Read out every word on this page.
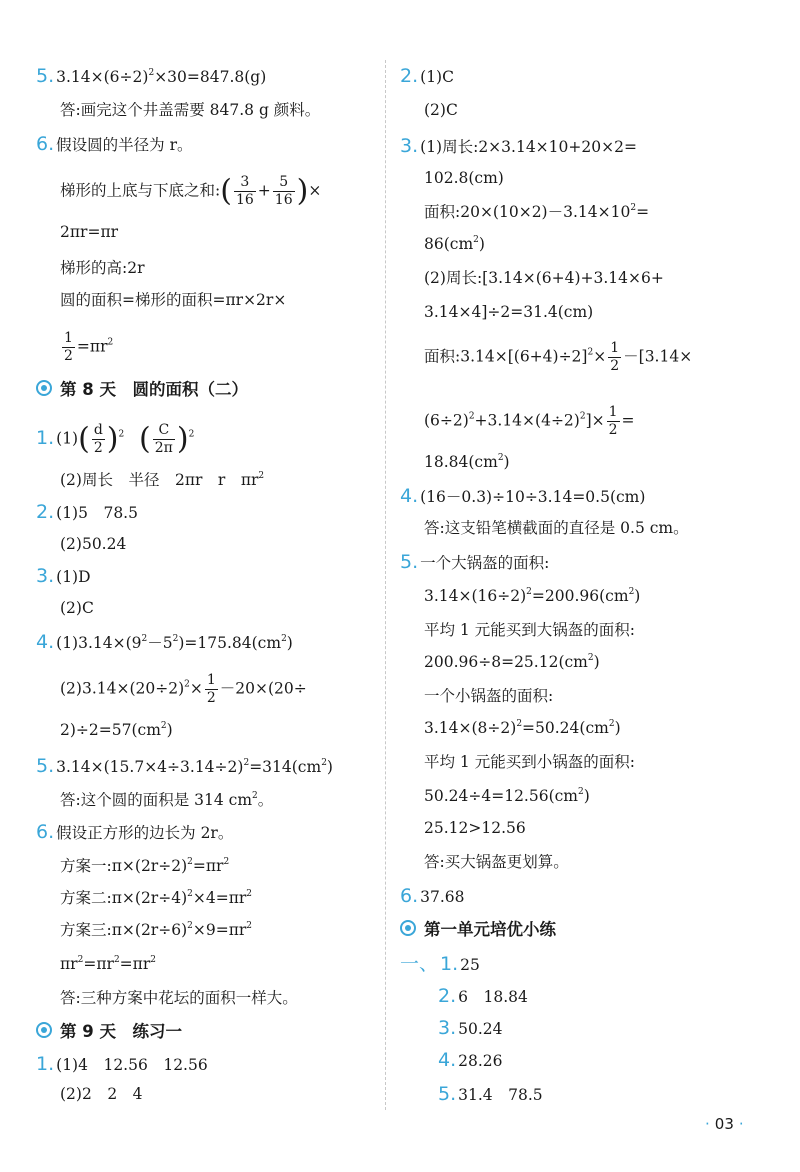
5. $3.14\times(6\div 2)^2\times 30=847.8(g)$
答:画完这个井盖需要 847.8 g 颜料。
6. 假设圆的半径为 r。
梯形的上底与下底之和:( $\frac{3}{16} + \frac{5}{16}$ )×
2πr=πr
梯形的高:2r
圆的面积=梯形的面积=πr×2r×
$\frac{1}{2} =\pi r^2$
第 8 天　圆的面积（二）
1. $(1)( \frac{d}{2} )^2$ ( $\frac{C}{2\pi} )^2$
(2)周长　半径　2πr　r　$\pi r^2$
2. (1)5　78.5
(2)50.24
3. (1)D
(2)C
4. $(1)3.14\times(9^2-5^2)=175.84(cm^2)$
$(2)3.14\times(20\div 2)^2\times \frac{1}{2} -20\times(20\div$
$2)\div 2=57(cm^2)$
5. $3.14\times(15.7\times 4\div 3.14\div 2)^2=314(cm^2)$
答:这个圆的面积是 314 $cm^2$。
6. 假设正方形的边长为 2r。
方案一$:\pi\times(2r\div 2)^2=\pi r^2$
方案二$:\pi\times(2r\div 4)^2\times 4=\pi r^2$
方案三$:\pi\times(2r\div 6)^2\times 9=\pi r^2$
$\pi r^2=\pi r^2=\pi r^2$
答:三种方案中花坛的面积一样大。
第 9 天　练习一
1. (1)4　12.56　12.56
(2)2　2　4
2. (1)C
(2)C
3. (1)周长:2×3.14×10+20×2=
102.8(cm)
面积$:20\times(10\times 2)-3.14\times 10^2=$
$86(cm^2)$
(2)周长:[3.14×(6+4)+3.14×6+
3.14×4]÷2=31.4(cm)
面积$:3.14\times[(6+4)\div 2]^2\times \frac{1}{2} -[3.14\times$
$(6\div 2)^2+3.14\times(4\div 2)^2]\times \frac{1}{2}$ =
$18.84(cm^2)$
4. (16－0.3)÷10÷3.14=0.5(cm)
答:这支铅笔横截面的直径是 0.5 cm。
5. 一个大锅盔的面积:
$3.14\times(16\div 2)^2=200.96(cm^2)$
平均 1 元能买到大锅盔的面积:
$200.96\div 8=25.12(cm^2)$
一个小锅盔的面积:
$3.14\times(8\div 2)^2=50.24(cm^2)$
平均 1 元能买到小锅盔的面积:
$50.24\div 4=12.56(cm^2)$
25.12>12.56
答:买大锅盔更划算。
6. 37.68
第一单元培优小练
一、 1. 25
2. 6　18.84
3. 50.24
4. 28.26
5. 31.4　78.5
· 03 ·
